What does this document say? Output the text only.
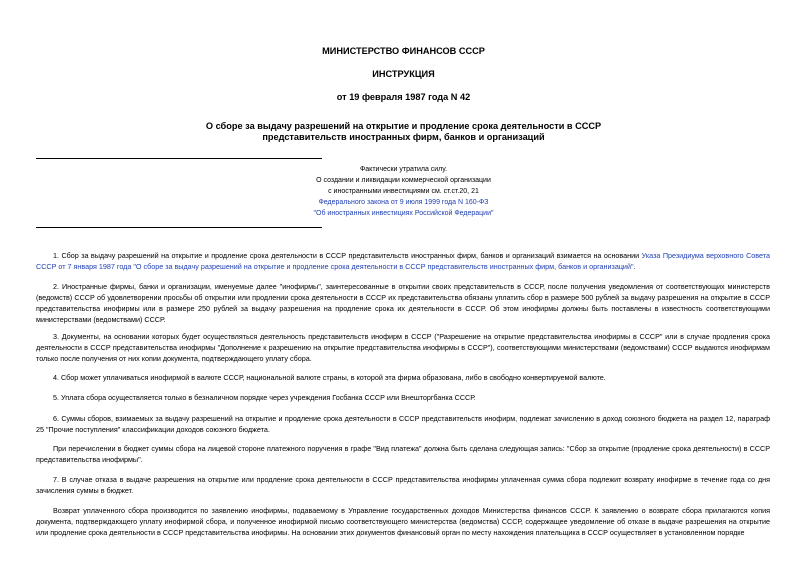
МИНИСТЕРСТВО ФИНАНСОВ СССР
ИНСТРУКЦИЯ
от 19 февраля 1987 года N 42
О сборе за выдачу разрешений на открытие и продление срока деятельности в СССР
представительств иностранных фирм, банков и организаций
Фактически утратила силу.
О создании и ликвидации коммерческой организации
с иностранными инвестициями см. ст.ст.20, 21
Федерального закона от 9 июля 1999 года N 160-ФЗ
"Об иностранных инвестициях Российской Федерации"

1. Сбор за выдачу разрешений на открытие и продление срока деятельности в СССР представительств иностранных фирм, банков и организаций взимается на основании Указа Президиума верховного Совета СССР от 7 января 1987 года "О сборе за выдачу разрешений на открытие и продление срока деятельности в СССР представительств иностранных фирм, банков и организаций".

2. Иностранные фирмы, банки и организации, именуемые далее "инофирмы", заинтересованные в открытии своих представительств в СССР, после получения уведомления от соответствующих министерств (ведомств) СССР об удовлетворении просьбы об открытии или продлении срока деятельности в СССР их представительства обязаны уплатить сбор в размере 500 рублей за выдачу разрешения на открытие в СССР представительства инофирмы или в размере 250 рублей за выдачу разрешения на продление срока их деятельности в СССР. Об этом инофирмы должны быть поставлены в известность соответствующими министерствами (ведомствами) СССР.

3. Документы, на основании которых будет осуществляться деятельность представительств инофирм в СССР ("Разрешение на открытие представительства инофирмы в СССР" или в случае продления срока деятельности в СССР представительства инофирмы "Дополнение к разрешению на открытие представительства инофирмы в СССР"), соответствующими министерствами (ведомствами) СССР выдаются инофирмам только после получения от них копии документа, подтверждающего уплату сбора.

4. Сбор может уплачиваться инофирмой в валюте СССР, национальной валюте страны, в которой эта фирма образована, либо в свободно конвертируемой валюте.

5. Уплата сбора осуществляется только в безналичном порядке через учреждения Госбанка СССР или Внешторгбанка СССР.

6. Суммы сборов, взимаемых за выдачу разрешений на открытие и продление срока деятельности в СССР представительств инофирм, подлежат зачислению в доход союзного бюджета на раздел 12, параграф 25 "Прочие поступления" классификации доходов союзного бюджета.

При перечислении в бюджет суммы сбора на лицевой стороне платежного поручения в графе "Вид платежа" должна быть сделана следующая запись: "Сбор за открытие (продление срока деятельности) в СССР представительства инофирмы".

7. В случае отказа в выдаче разрешения на открытие или продление срока деятельности в СССР представительства инофирмы уплаченная сумма сбора подлежит возврату инофирме в течение года со дня зачисления суммы в бюджет.

Возврат уплаченного сбора производится по заявлению инофирмы, подаваемому в Управление государственных доходов Министерства финансов СССР. К заявлению о возврате сбора прилагаются копия документа, подтверждающего уплату инофирмой сбора, и полученное инофирмой письмо соответствующего министерства (ведомства) СССР, содержащее уведомление об отказе в выдаче разрешения на открытие или продление срока деятельности в СССР представительства инофирмы. На основании этих документов финансовый орган по месту нахождения плательщика в СССР осуществляет в установленном порядке
